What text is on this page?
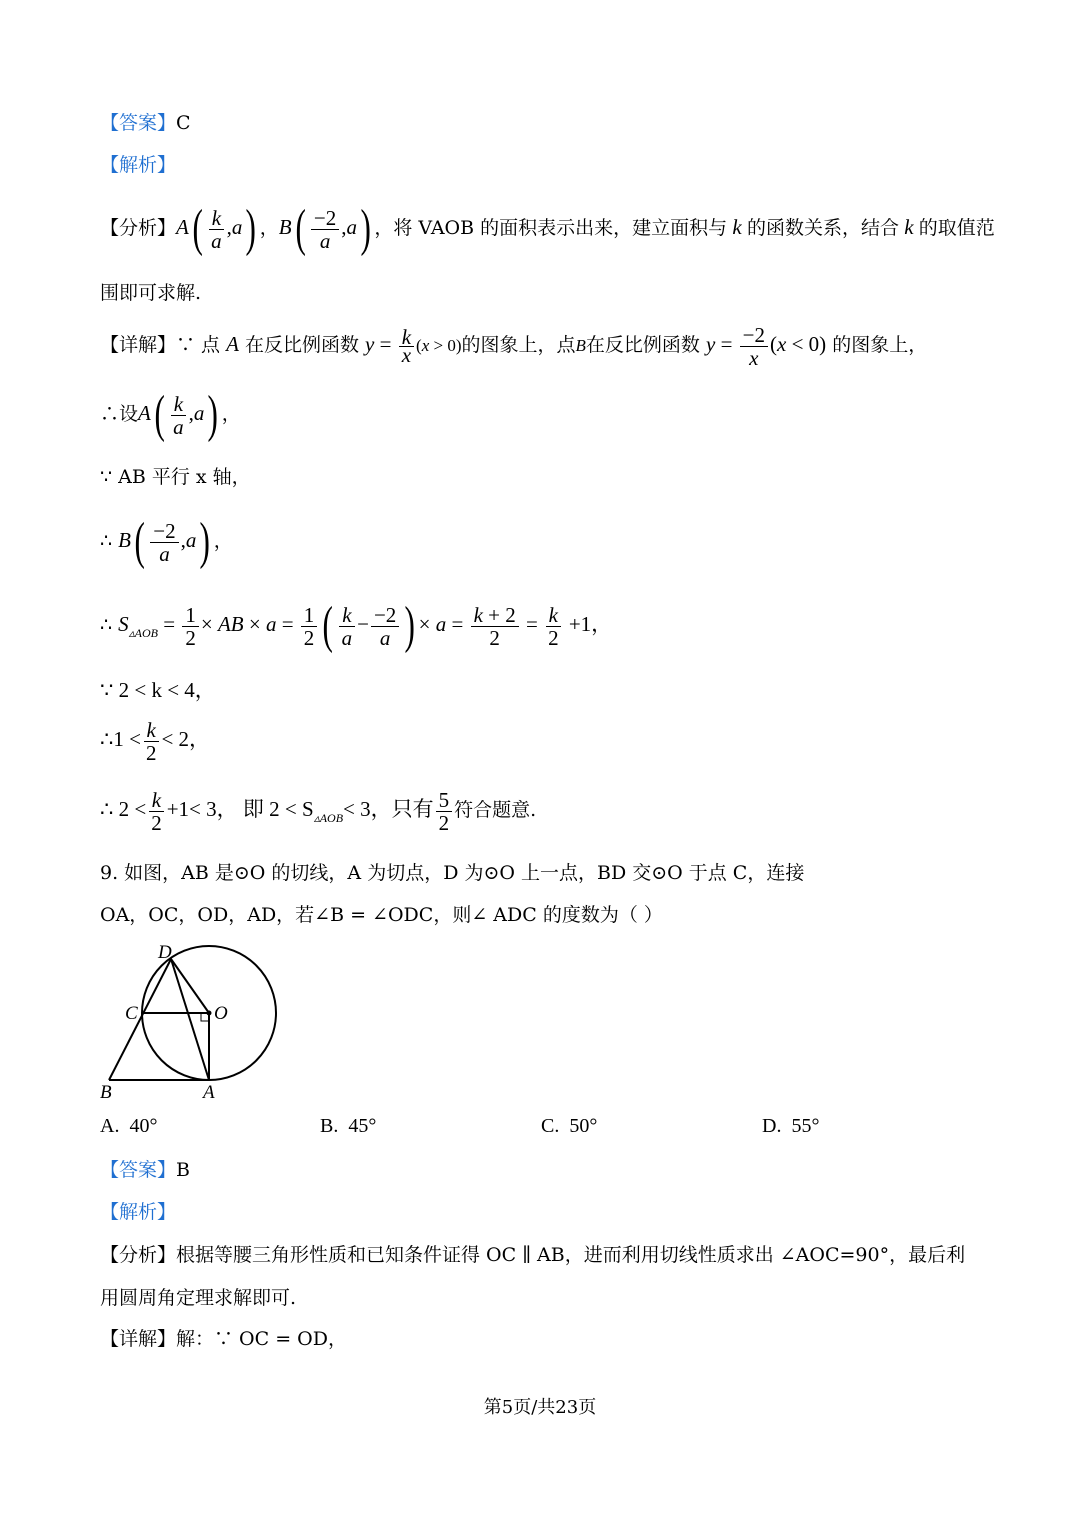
【答案】C
【解析】
【分析】$A( \frac{k}{a} ,a)$ ，$B( \frac{-2}{a} ,a)$ ，将 VAOB 的面积表示出来，建立面积与 k 的函数关系，结合 k 的取值范
围即可求解.
【详解】∵ 点 A 在反比例函数 $y = \frac{k}{x} (x > 0)$的图象上，点B在反比例函数 $y = \frac{-2}{x} (x < 0)$ 的图象上，
∴设$A( \frac{k}{a} ,a)$ ，
∵ AB 平行 x 轴，
∴ $B( \frac{-2}{a} ,a)$ ，
∴ $S_{▵AOB} = \frac{1}{2}$ × AB × $a = \frac{1}{2}$ ( $\frac{k}{a} - \frac{-2}{a}$ ) × $a = \frac{k + 2}{2} = \frac{k}{2} +1$，
∵ 2 < k < 4，
∴1 < $\frac{k}{2} < 2$，
∴ $2 < \frac{k}{2} +1< 3$， 即 $2 < S_{▵AOB}< 3$，只有 $\frac{5}{2}$ 符合题意.
9. 如图，AB 是⊙O 的切线，A 为切点，D 为⊙O 上一点，BD 交⊙O 于点 C，连接
OA，OC，OD，AD，若∠B = ∠ODC，则∠ ADC 的度数为（ ）
D
C	O
B	A
A. 40°	B. 45°	C. 50°	D. 55°
【答案】B
【解析】
【分析】根据等腰三角形性质和已知条件证得 OC ∥ AB，进而利用切线性质求出 ∠AOC=90°，最后利
用圆周角定理求解即可.
【详解】解：∵ OC = OD，
第5页/共23页
